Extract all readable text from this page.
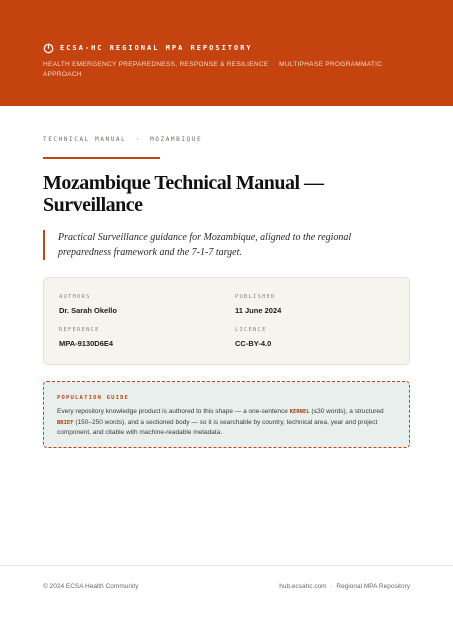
ECSA-HC REGIONAL MPA REPOSITORY
HEALTH EMERGENCY PREPAREDNESS, RESPONSE & RESILIENCE · MULTIPHASE PROGRAMMATIC APPROACH
TECHNICAL MANUAL · MOZAMBIQUE
Mozambique Technical Manual — Surveillance

Practical Surveillance guidance for Mozambique, aligned to the regional preparedness framework and the 7-1-7 target.

AUTHORS
Dr. Sarah Okello
PUBLISHED
11 June 2024
REFERENCE
MPA-9130D6E4
LICENCE
CC-BY-4.0
POPULATION GUIDE

Every repository knowledge product is authored to this shape — a one-sentence KERNEL (≤30 words), a structured BRIEF (150–250 words), and a sectioned body — so it is searchable by country, technical area, year and project component, and citable with machine-readable metadata.

© 2024 ECSA Health Community	hub.ecsahc.com · Regional MPA Repository
